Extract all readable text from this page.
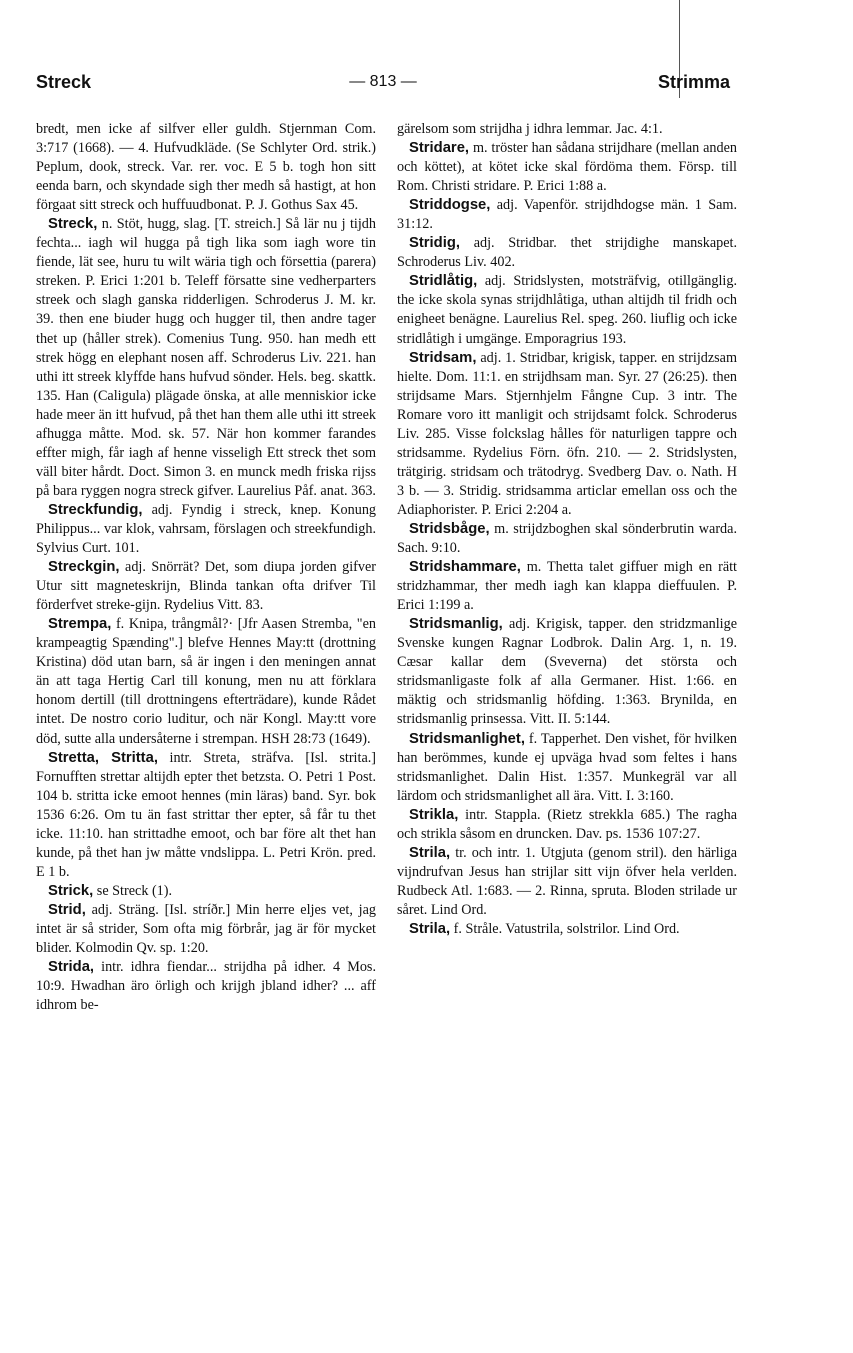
Streck	— 813 —	Strimma

bredt, men icke af silfver eller guldh. Stjernman Com. 3:717 (1668). — 4. Hufvudkläde. (Se Schlyter Ord. strik.) Peplum, dook, streck. Var. rer. voc. E 5 b. togh hon sitt eenda barn, och skyndade sigh ther medh så hastigt, at hon förgaat sitt streck och huffuudbonat. P. J. Gothus Sax 45.

Streck, n. Stöt, hugg, slag. [T. streich.] Så lär nu j tijdh fechta... iagh wil hugga på tigh lika som iagh wore tin fiende, lät see, huru tu wilt wäria tigh och försettia (parera) streken. P. Erici 1:201 b. Teleff försatte sine vedherparters streek och slagh ganska ridderligen. Schroderus J. M. kr. 39. then ene biuder hugg och hugger til, then andre tager thet up (håller strek). Comenius Tung. 950. han medh ett strek högg en elephant nosen aff. Schroderus Liv. 221. han uthi itt streek klyffde hans hufvud sönder. Hels. beg. skattk. 135. Han (Caligula) plägade önska, at alle menniskior icke hade meer än itt hufvud, på thet han them alle uthi itt streek afhugga måtte. Mod. sk. 57. När hon kommer farandes effter migh, får iagh af henne visseligh Ett streck thet som väll biter hårdt. Doct. Simon 3. en munck medh friska rijss på bara ryggen nogra streck gifver. Laurelius Påf. anat. 363.

Streckfundig, adj. Fyndig i streck, knep. Konung Philippus... var klok, vahrsam, förslagen och streekfundigh. Sylvius Curt. 101.

Streckgin, adj. Snörrät? Det, som diupa jorden gifver Utur sitt magneteskrijn, Blinda tankan ofta drifver Til förderfvet streke-gijn. Rydelius Vitt. 83.

Strempa, f. Knipa, trångmål?· [Jfr Aasen Stremba, "en krampeagtig Spænding".] blefve Hennes May:tt (drottning Kristina) död utan barn, så är ingen i den meningen annat än att taga Hertig Carl till konung, men nu att förklara honom dertill (till drottningens efterträdare), kunde Rådet intet. De nostro corio luditur, och när Kongl. May:tt vore död, sutte alla undersåterne i strempan. HSH 28:73 (1649).

Stretta, Stritta, intr. Streta, sträfva. [Isl. strita.] Fornufften strettar altijdh epter thet betzsta. O. Petri 1 Post. 104 b. stritta icke emoot hennes (min läras) band. Syr. bok 1536 6:26. Om tu än fast strittar ther epter, så får tu thet icke. 11:10. han strittadhe emoot, och bar före alt thet han kunde, på thet han jw måtte vndslippa. L. Petri Krön. pred. E 1 b.

Strick, se Streck (1).

Strid, adj. Sträng. [Isl. stríðr.] Min herre eljes vet, jag intet är så strider, Som ofta mig förbrår, jag är för mycket blider. Kolmodin Qv. sp. 1:20.

Strida, intr. idhra fiendar... strijdha på idher. 4 Mos. 10:9. Hwadhan äro örligh och krijgh jbland idher? ... aff idhrom be-

gärelsom som strijdha j idhra lemmar. Jac. 4:1.

Stridare, m. tröster han sådana strijdhare (mellan anden och köttet), at kötet icke skal fördöma them. Försp. till Rom. Christi stridare. P. Erici 1:88 a.

Striddogse, adj. Vapenför. strijdhdogse män. 1 Sam. 31:12.

Stridig, adj. Stridbar. thet strijdighe manskapet. Schroderus Liv. 402.

Stridlåtig, adj. Stridslysten, motsträfvig, otillgänglig. the icke skola synas strijdhlåtiga, uthan altijdh til fridh och enigheet benägne. Laurelius Rel. speg. 260. liuflig och icke stridlåtigh i umgänge. Emporagrius 193.

Stridsam, adj. 1. Stridbar, krigisk, tapper. en strijdzsam hielte. Dom. 11:1. en strijdhsam man. Syr. 27 (26:25). then strijdsame Mars. Stjernhjelm Fångne Cup. 3 intr. The Romare voro itt manligit och strijdsamt folck. Schroderus Liv. 285. Visse folckslag hålles för naturligen tappre och stridsamme. Rydelius Förn. öfn. 210. — 2. Stridslysten, trätgirig. stridsam och trätodryg. Svedberg Dav. o. Nath. H 3 b. — 3. Stridig. stridsamma articlar emellan oss och the Adiaphorister. P. Erici 2:204 a.

Stridsbåge, m. strijdzboghen skal sönderbrutin warda. Sach. 9:10.

Stridshammare, m. Thetta talet giffuer migh en rätt stridzhammar, ther medh iagh kan klappa dieffuulen. P. Erici 1:199 a.

Stridsmanlig, adj. Krigisk, tapper. den stridzmanlige Svenske kungen Ragnar Lodbrok. Dalin Arg. 1, n. 19. Cæsar kallar dem (Sveverna) det största och stridsmanligaste folk af alla Germaner. Hist. 1:66. en mäktig och stridsmanlig höfding. 1:363. Brynilda, en stridsmanlig prinsessa. Vitt. II. 5:144.

Stridsmanlighet, f. Tapperhet. Den vishet, för hvilken han berömmes, kunde ej upväga hvad som feltes i hans stridsmanlighet. Dalin Hist. 1:357. Munkegräl var all lärdom och stridsmanlighet all ära. Vitt. I. 3:160.

Strikla, intr. Stappla. (Rietz strekkla 685.) The ragha och strikla såsom en druncken. Dav. ps. 1536 107:27.

Strila, tr. och intr. 1. Utgjuta (genom stril). den härliga vijndrufvan Jesus han strijlar sitt vijn öfver hela verlden. Rudbeck Atl. 1:683. — 2. Rinna, spruta. Bloden strilade ur såret. Lind Ord.

Strila, f. Stråle. Vatustrila, solstrilor. Lind Ord.
